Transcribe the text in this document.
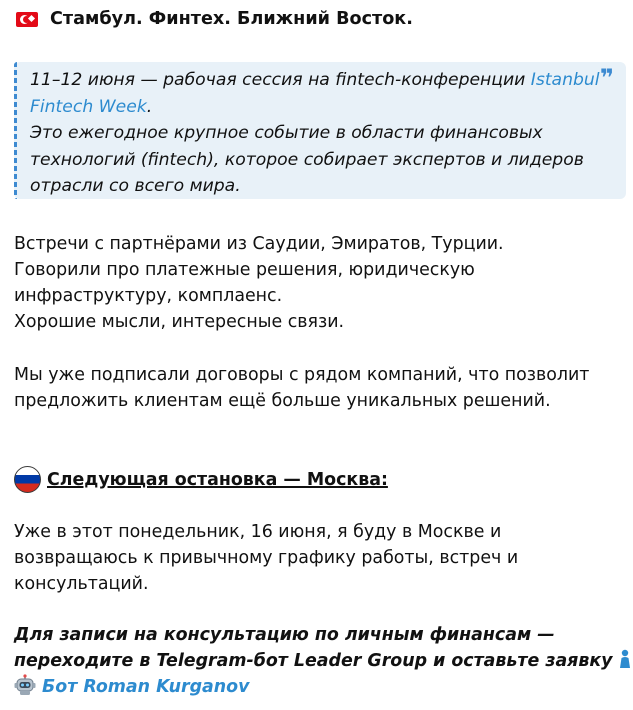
Стамбул. Финтех. Ближний Восток.
❞
11–12 июня — рабочая сессия на fintech-конференции Istanbul
Fintech Week.
Это ежегодное крупное событие в области финансовых
технологий (fintech), которое собирает экспертов и лидеров
отрасли со всего мира.
Встречи с партнёрами из Саудии, Эмиратов, Турции.
Говорили про платежные решения, юридическую
инфраструктуру, комплаенс.
Хорошие мысли, интересные связи.
Мы уже подписали договоры с рядом компаний, что позволит
предложить клиентам ещё больше уникальных решений.
Следующая остановка — Москва:
Уже в этот понедельник, 16 июня, я буду в Москве и
возвращаюсь к привычному графику работы, встреч и
консультаций.
Для записи на консультацию по личным финансам —
переходите в Telegram-бот Leader Group и оставьте заявку
Бот Roman Kurganov
